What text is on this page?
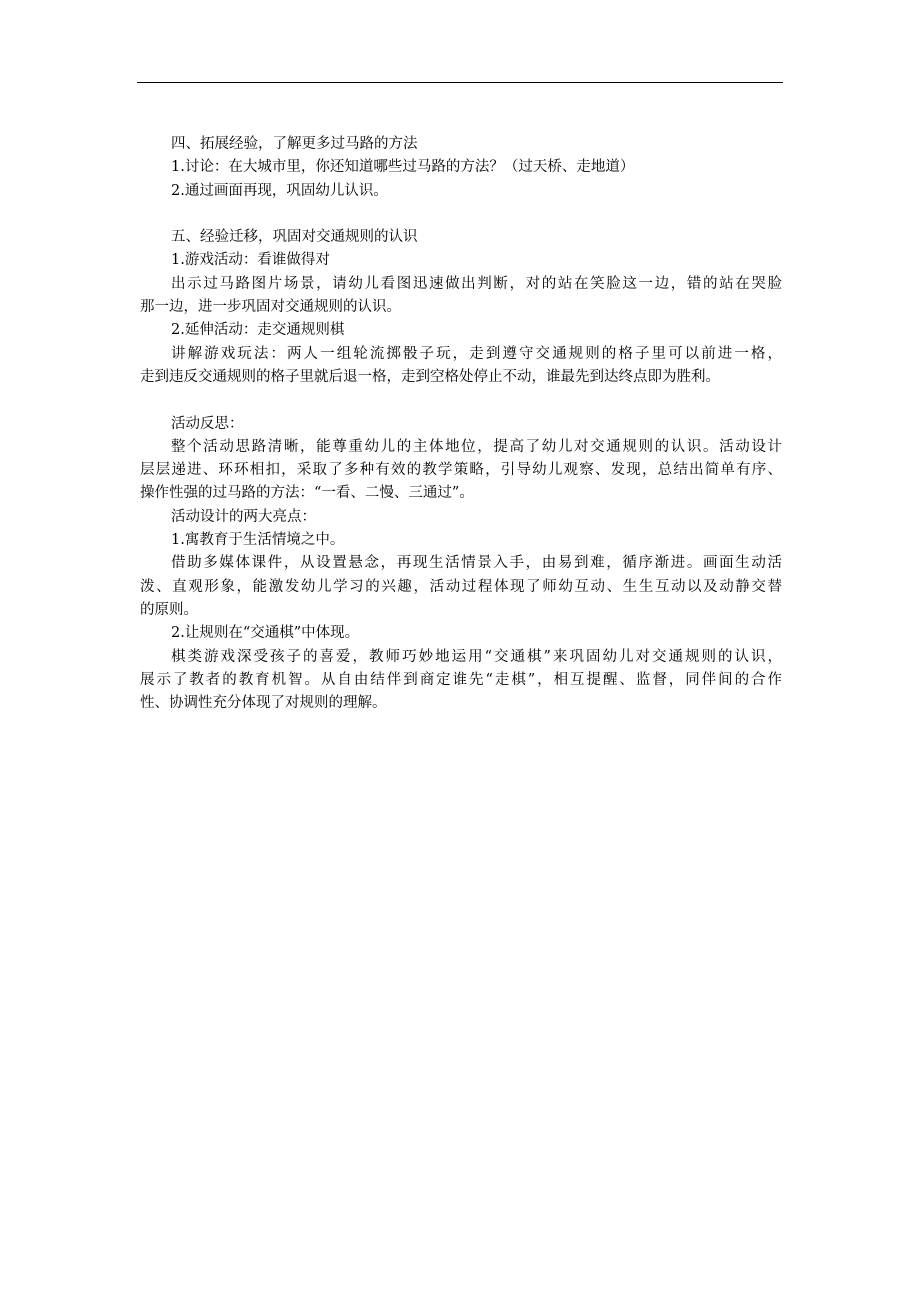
四、拓展经验，了解更多过马路的方法
1.讨论：在大城市里，你还知道哪些过马路的方法？（过天桥、走地道）
2.通过画面再现，巩固幼儿认识。
五、经验迁移，巩固对交通规则的认识
1.游戏活动：看谁做得对
出示过马路图片场景，请幼儿看图迅速做出判断，对的站在笑脸这一边，错的站在哭脸
那一边，进一步巩固对交通规则的认识。
2.延伸活动：走交通规则棋
讲解游戏玩法：两人一组轮流掷骰子玩，走到遵守交通规则的格子里可以前进一格，
走到违反交通规则的格子里就后退一格，走到空格处停止不动，谁最先到达终点即为胜利。
活动反思：
整个活动思路清晰，能尊重幼儿的主体地位，提高了幼儿对交通规则的认识。活动设计
层层递进、环环相扣，采取了多种有效的教学策略，引导幼儿观察、发现，总结出简单有序、
操作性强的过马路的方法：“一看、二慢、三通过”。
活动设计的两大亮点：
1.寓教育于生活情境之中。
借助多媒体课件，从设置悬念，再现生活情景入手，由易到难，循序渐进。画面生动活
泼、直观形象，能激发幼儿学习的兴趣，活动过程体现了师幼互动、生生互动以及动静交替
的原则。
2.让规则在“交通棋”中体现。
棋类游戏深受孩子的喜爱，教师巧妙地运用“交通棋”来巩固幼儿对交通规则的认识，
展示了教者的教育机智。从自由结伴到商定谁先“走棋”，相互提醒、监督，同伴间的合作
性、协调性充分体现了对规则的理解。
